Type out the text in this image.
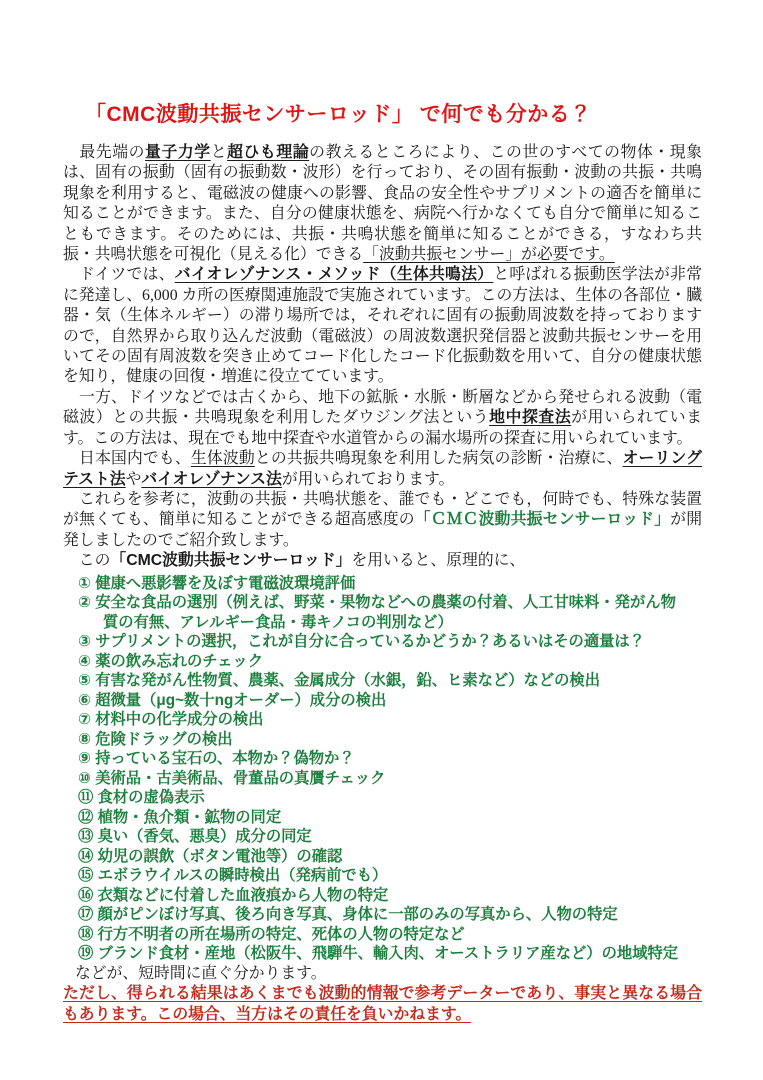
「CMC波動共振センサーロッド」 で何でも分かる？

　最先端の量子力学と超ひも理論の教えるところにより、この世のすべての物体・現象は、固有の振動（固有の振動数・波形）を行っており、その固有振動・波動の共振・共鳴現象を利用すると、電磁波の健康への影響、食品の安全性やサプリメントの適否を簡単に知ることができます。また、自分の健康状態を、病院へ行かなくても自分で簡単に知ることもできます。そのためには、共振・共鳴状態を簡単に知ることができる，すなわち共振・共鳴状態を可視化（見える化）できる「波動共振センサー」が必要です。

　ドイツでは、バイオレゾナンス・メソッド（生体共鳴法）と呼ばれる振動医学法が非常に発達し、6,000 カ所の医療関連施設で実施されています。この方法は、生体の各部位・臓器・気（生体ネルギー）の滞り場所では，それぞれに固有の振動周波数を持っておりますので，自然界から取り込んだ波動（電磁波）の周波数選択発信器と波動共振センサーを用いてその固有周波数を突き止めてコード化したコード化振動数を用いて、自分の健康状態を知り，健康の回復・増進に役立てています。

　一方、ドイツなどでは古くから、地下の鉱脈・水脈・断層などから発せられる波動（電磁波）との共振・共鳴現象を利用したダウジング法という地中探査法が用いられています。この方法は、現在でも地中探査や水道管からの漏水場所の探査に用いられています。

　日本国内でも、生体波動との共振共鳴現象を利用した病気の診断・治療に、オーリングテスト法やバイオレゾナンス法が用いられております。

　これらを参考に，波動の共振・共鳴状態を、誰でも・どこでも，何時でも、特殊な装置が無くても、簡単に知ることができる超高感度の「ＣＭＣ波動共振センサーロッド」が開発しましたのでご紹介致します。

　この「CMC波動共振センサーロッド」を用いると、原理的に、

① 健康へ悪影響を及ぼす電磁波環境評価
② 安全な食品の選別（例えば、野菜・果物などへの農薬の付着、人工甘味料・発がん物質の有無、アレルギー食品・毒キノコの判別など）
③ サプリメントの選択，これが自分に合っているかどうか？あるいはその適量は？
④ 薬の飲み忘れのチェック
⑤ 有害な発がん性物質、農薬、金属成分（水銀，鉛、ヒ素など）などの検出
⑥ 超微量（μg~数十ngオーダー）成分の検出
⑦ 材料中の化学成分の検出
⑧ 危険ドラッグの検出
⑨ 持っている宝石の、本物か？偽物か？
⑩ 美術品・古美術品、骨董品の真贋チェック
⑪ 食材の虚偽表示
⑫ 植物・魚介類・鉱物の同定
⑬ 臭い（香気、悪臭）成分の同定
⑭ 幼児の誤飲（ボタン電池等）の確認
⑮ エボラウイルスの瞬時検出（発病前でも）
⑯ 衣類などに付着した血液痕から人物の特定
⑰ 顔がピンぼけ写真、後ろ向き写真、身体に一部のみの写真から、人物の特定
⑱ 行方不明者の所在場所の特定、死体の人物の特定など
⑲ ブランド食材・産地（松阪牛、飛騨牛、輸入肉、オーストラリア産など）の地域特定

などが、短時間に直ぐ分かります。

ただし、得られる結果はあくまでも波動的情報で参考データーであり、事実と異なる場合もあります。この場合、当方はその責任を負いかねます。
